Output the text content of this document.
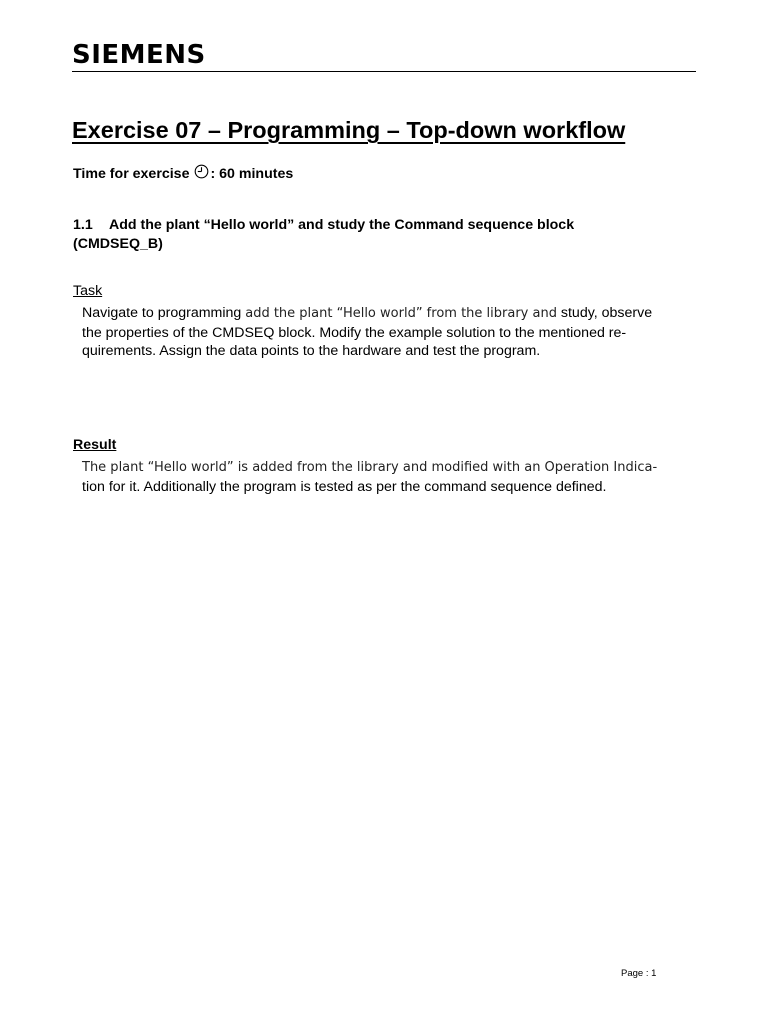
SIEMENS
Exercise 07 – Programming – Top-down workflow
Time for exercise : 60 minutes
1.1 Add the plant “Hello world” and study the Command sequence block
(CMDSEQ_B)
Task
Navigate to programming add the plant “Hello world” from the library and study, observe
the properties of the CMDSEQ block. Modify the example solution to the mentioned re-
quirements. Assign the data points to the hardware and test the program.
Result
The plant “Hello world” is added from the library and modified with an Operation Indica-
tion for it. Additionally the program is tested as per the command sequence defined.
Page : 1
